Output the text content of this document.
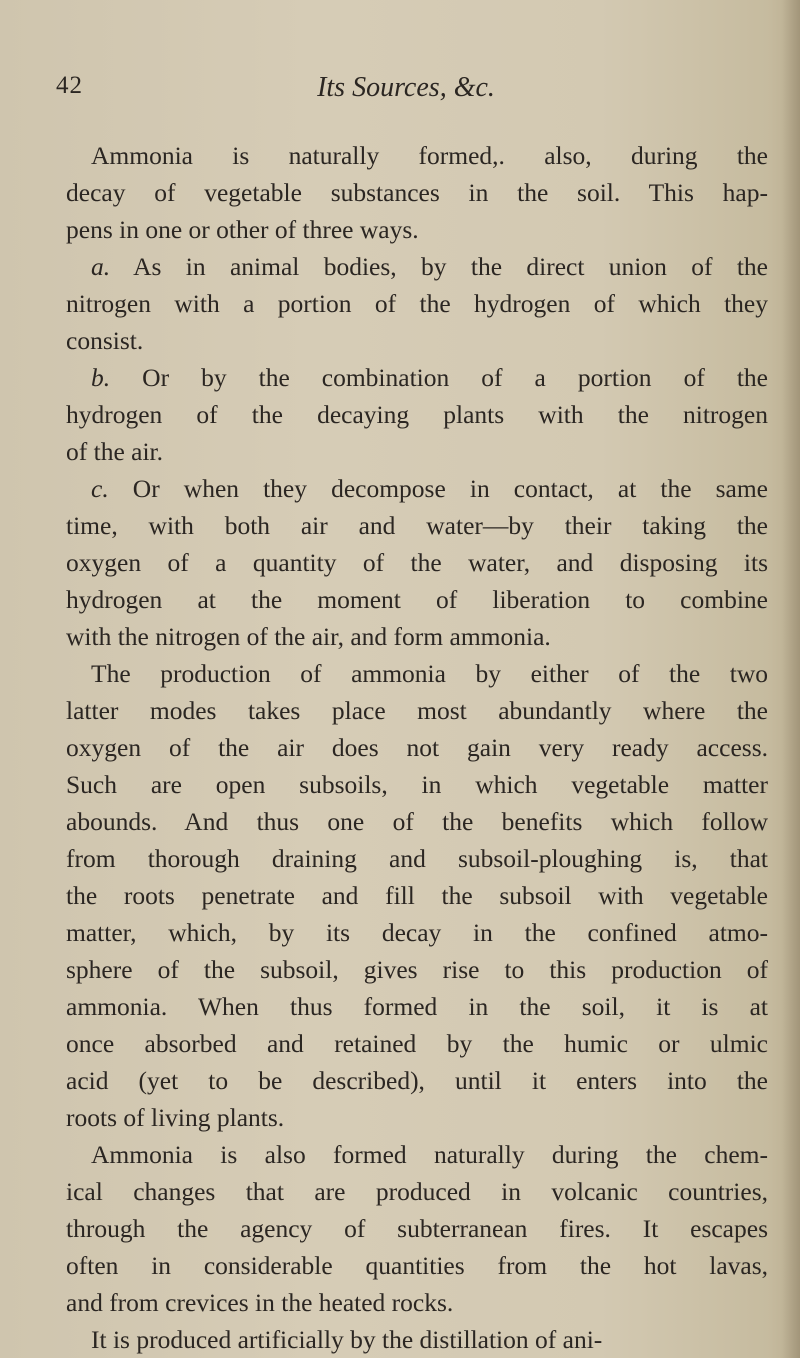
42	Its Sources, &c.
Ammonia is naturally formed,. also, during the
decay of vegetable substances in the soil. This hap-
pens in one or other of three ways.
a. As in animal bodies, by the direct union of the
nitrogen with a portion of the hydrogen of which they
consist.
b. Or by the combination of a portion of the
hydrogen of the decaying plants with the nitrogen
of the air.
c. Or when they decompose in contact, at the same
time, with both air and water—by their taking the
oxygen of a quantity of the water, and disposing its
hydrogen at the moment of liberation to combine
with the nitrogen of the air, and form ammonia.
The production of ammonia by either of the two
latter modes takes place most abundantly where the
oxygen of the air does not gain very ready access.
Such are open subsoils, in which vegetable matter
abounds. And thus one of the benefits which follow
from thorough draining and subsoil-ploughing is, that
the roots penetrate and fill the subsoil with vegetable
matter, which, by its decay in the confined atmo-
sphere of the subsoil, gives rise to this production of
ammonia. When thus formed in the soil, it is at
once absorbed and retained by the humic or ulmic
acid (yet to be described), until it enters into the
roots of living plants.
Ammonia is also formed naturally during the chem-
ical changes that are produced in volcanic countries,
through the agency of subterranean fires. It escapes
often in considerable quantities from the hot lavas,
and from crevices in the heated rocks.
It is produced artificially by the distillation of ani-
